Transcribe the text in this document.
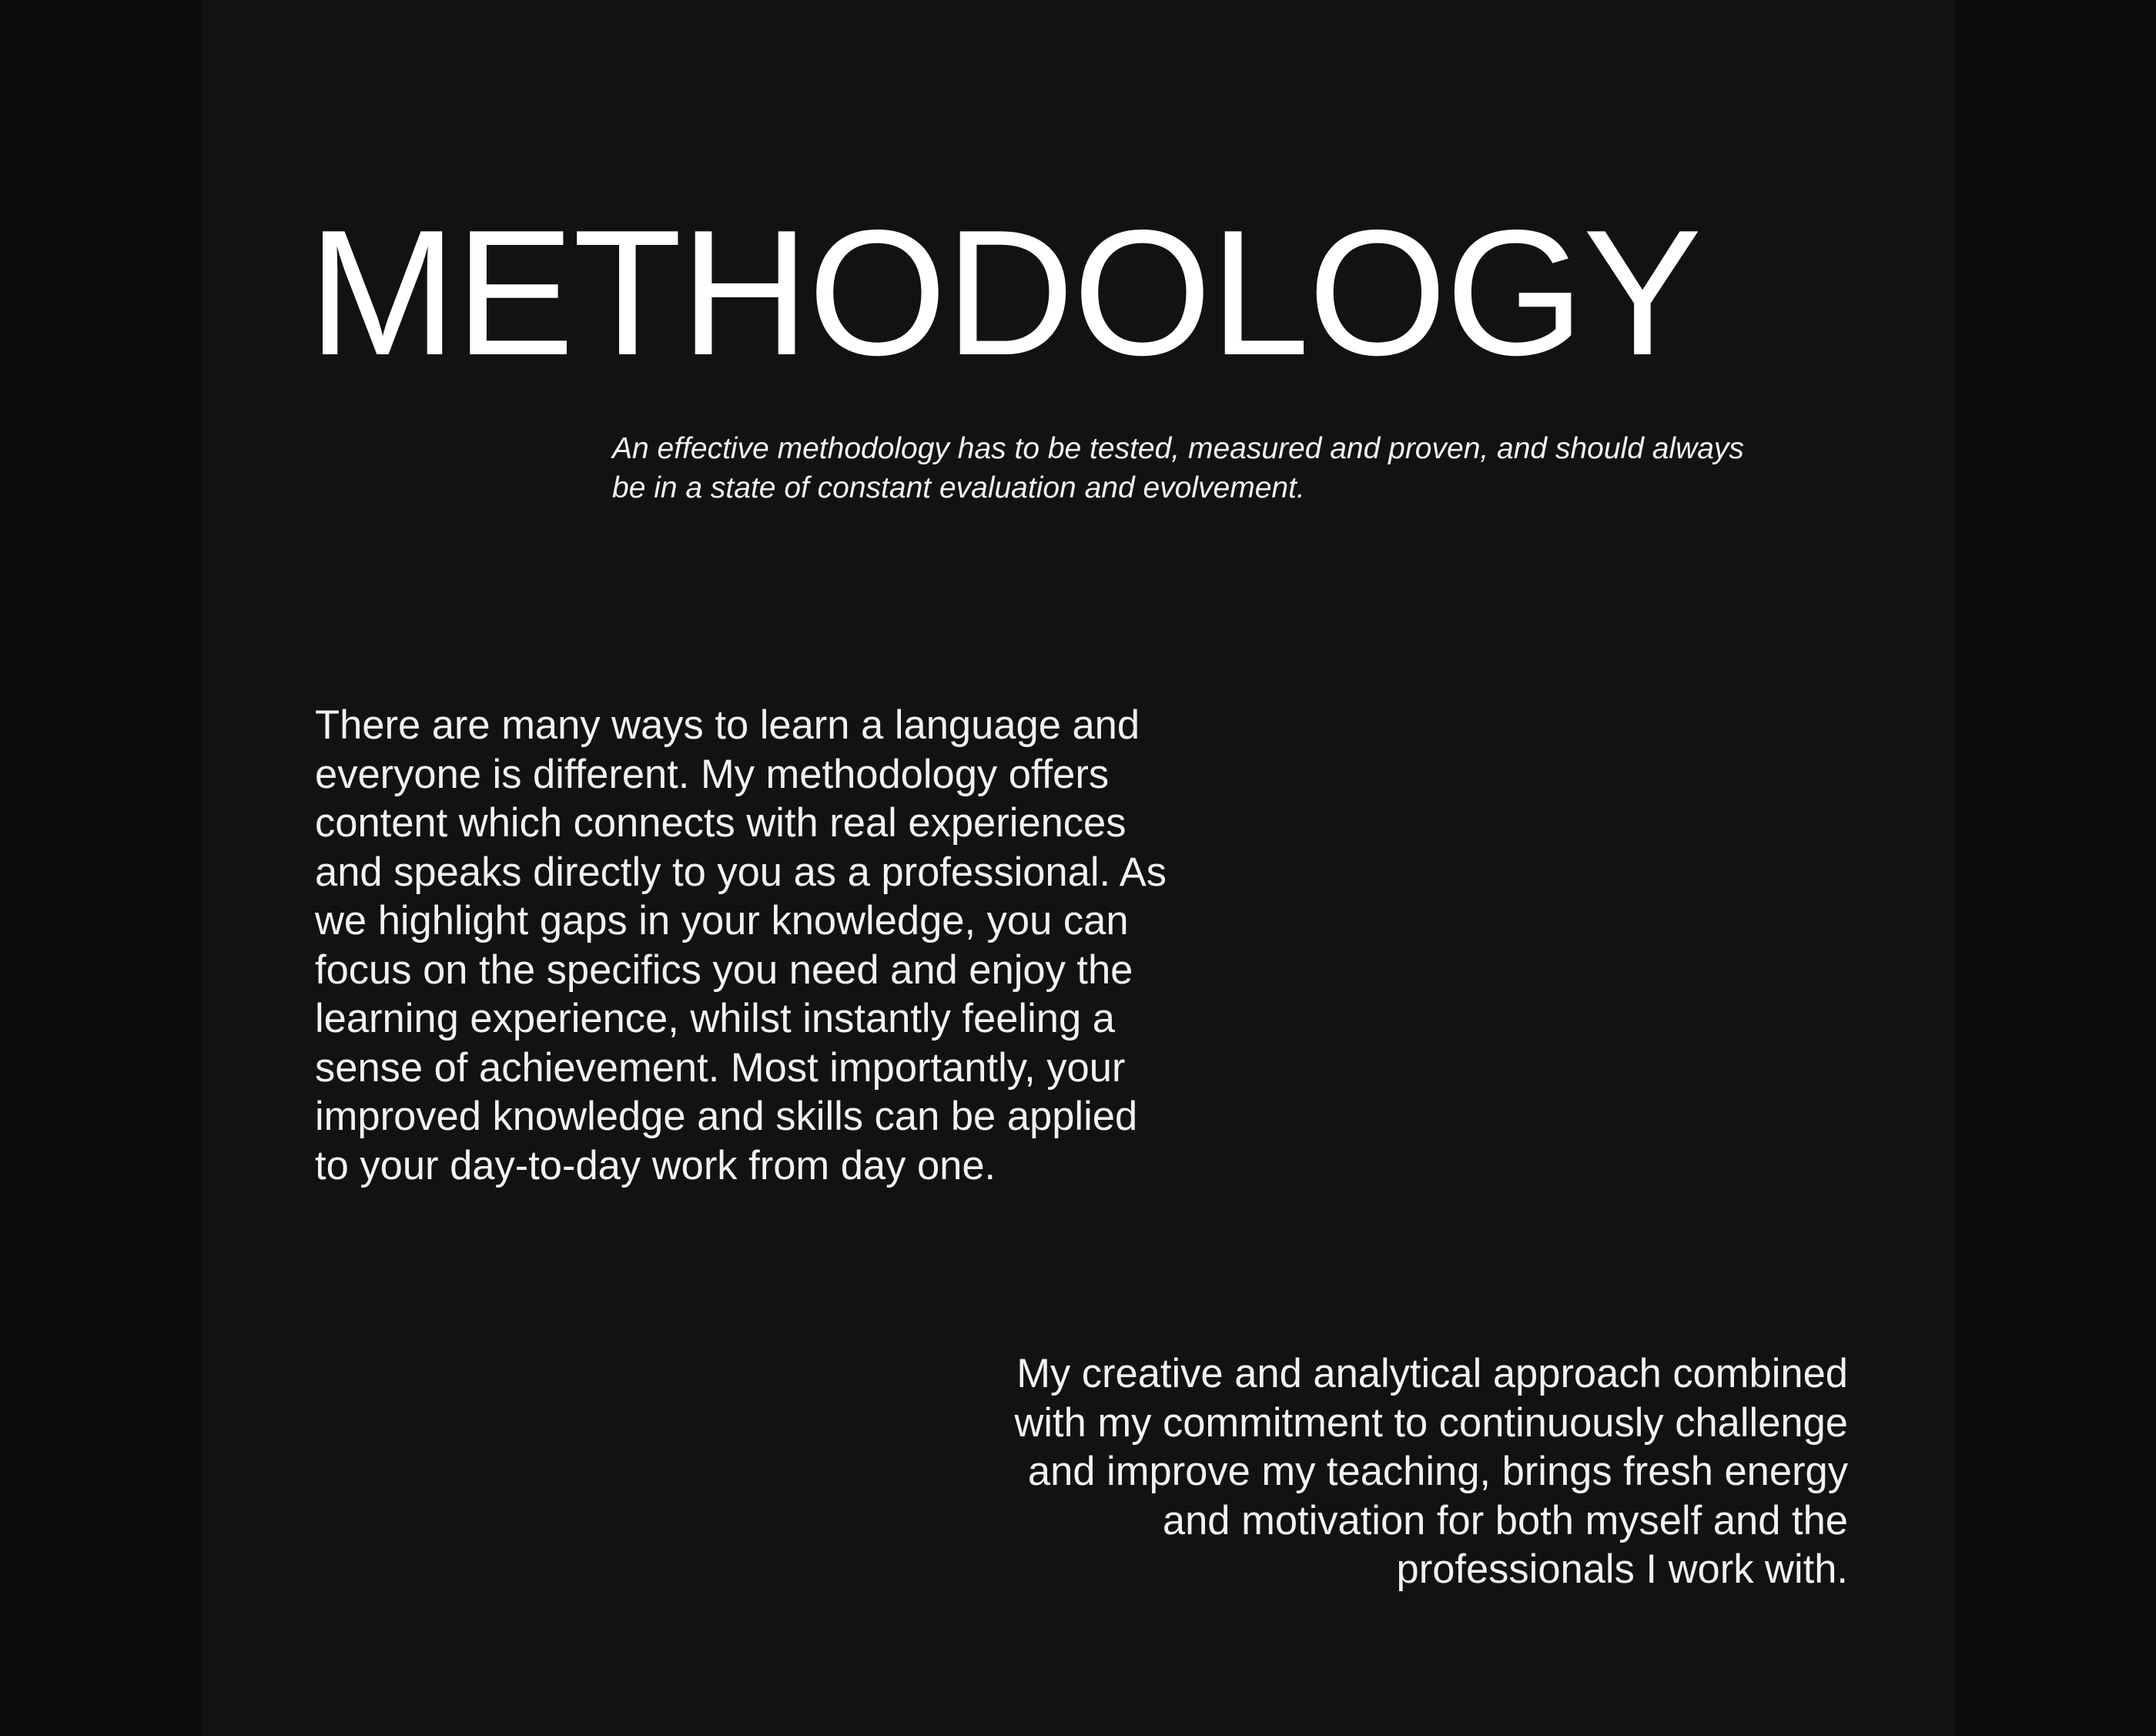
METHODOLOGY

An effective methodology has to be tested, measured and proven, and should always
be in a state of constant evaluation and evolvement.

There are many ways to learn a language and
everyone is different. My methodology offers
content which connects with real experiences
and speaks directly to you as a professional. As
we highlight gaps in your knowledge, you can
focus on the specifics you need and enjoy the
learning experience, whilst instantly feeling a
sense of achievement. Most importantly, your
improved knowledge and skills can be applied
to your day-to-day work from day one.

My creative and analytical approach combined
with my commitment to continuously challenge
and improve my teaching, brings fresh energy
and motivation for both myself and the
professionals I work with.
